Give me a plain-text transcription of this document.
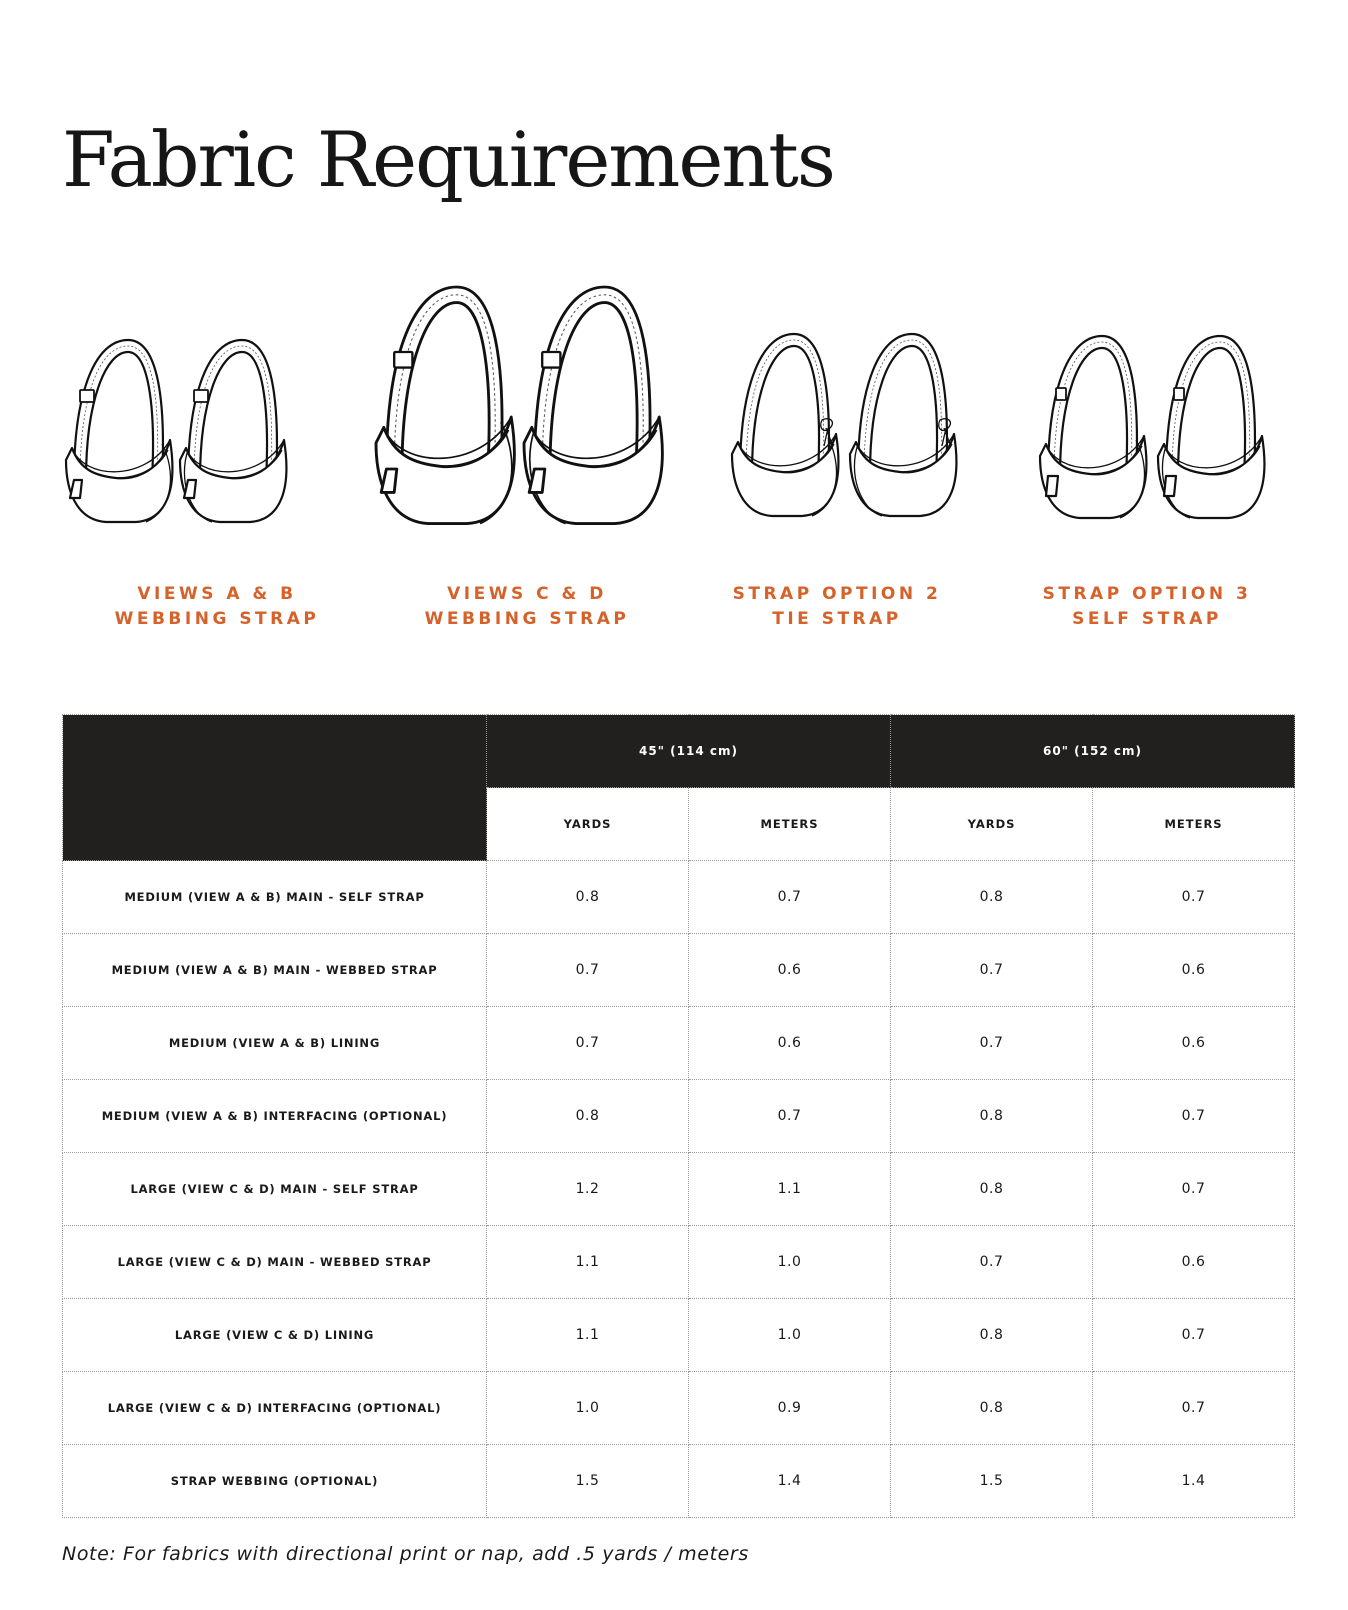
Fabric Requirements
VIEWS A & B
WEBBING STRAP
VIEWS C & D
WEBBING STRAP
STRAP OPTION 2
TIE STRAP
STRAP OPTION 3
SELF STRAP
	45" (114 cm)		60" (152 cm)	
	YARDS	METERS	YARDS	METERS
MEDIUM (VIEW A & B) MAIN - SELF STRAP	0.8	0.7	0.8	0.7
MEDIUM (VIEW A & B) MAIN - WEBBED STRAP	0.7	0.6	0.7	0.6
MEDIUM (VIEW A & B) LINING	0.7	0.6	0.7	0.6
MEDIUM (VIEW A & B) INTERFACING (OPTIONAL)	0.8	0.7	0.8	0.7
LARGE (VIEW C & D) MAIN - SELF STRAP	1.2	1.1	0.8	0.7
LARGE (VIEW C & D) MAIN - WEBBED STRAP	1.1	1.0	0.7	0.6
LARGE (VIEW C & D) LINING	1.1	1.0	0.8	0.7
LARGE (VIEW C & D) INTERFACING (OPTIONAL)	1.0	0.9	0.8	0.7
STRAP WEBBING (OPTIONAL)	1.5	1.4	1.5	1.4

Note: For fabrics with directional print or nap, add .5 yards / meters
